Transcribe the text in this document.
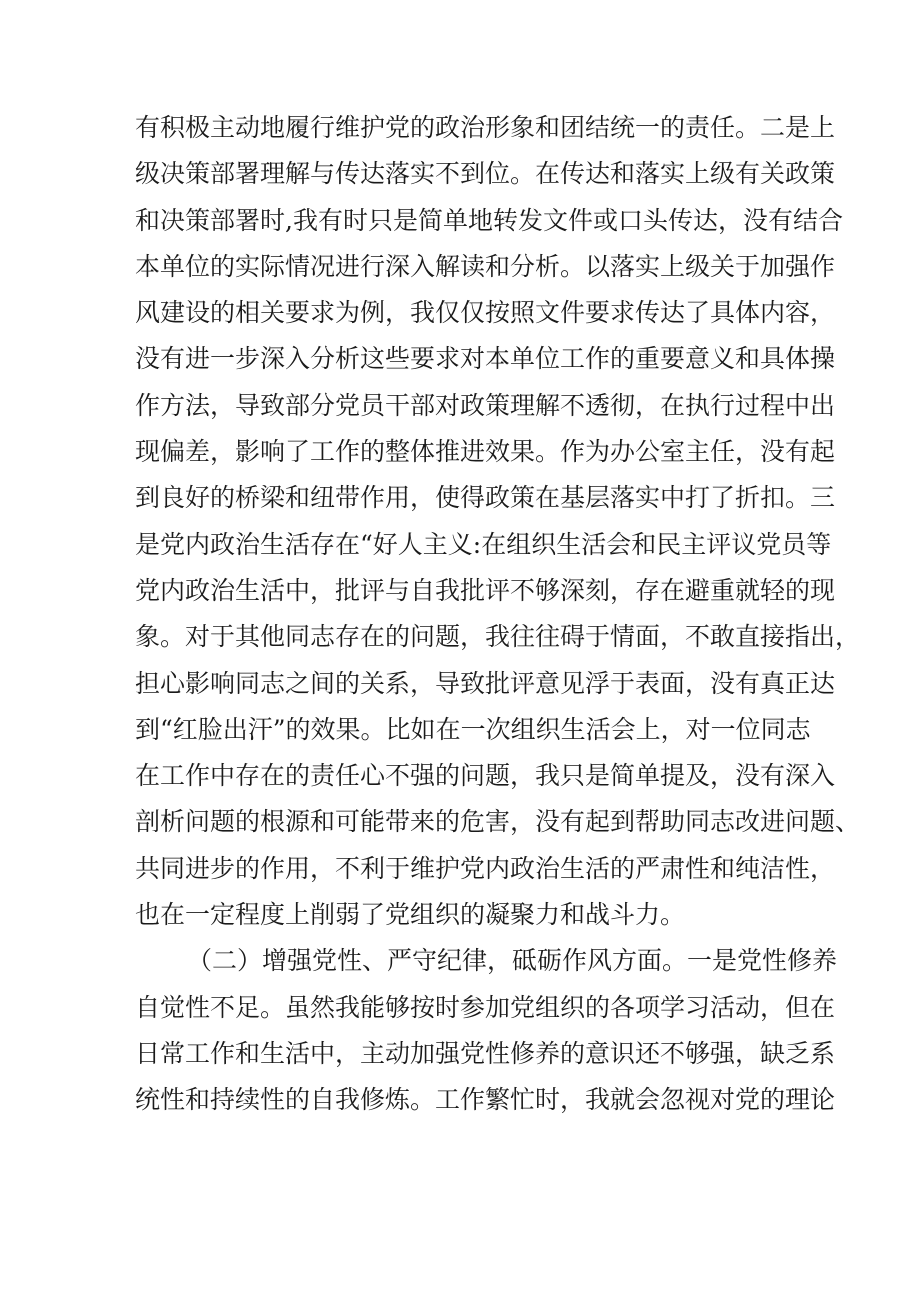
有积极主动地履行维护党的政治形象和团结统一的责任。二是上
级决策部署理解与传达落实不到位。在传达和落实上级有关政策
和决策部署时,我有时只是简单地转发文件或口头传达，没有结合
本单位的实际情况进行深入解读和分析。以落实上级关于加强作
风建设的相关要求为例，我仅仅按照文件要求传达了具体内容，
没有进一步深入分析这些要求对本单位工作的重要意义和具体操
作方法，导致部分党员干部对政策理解不透彻，在执行过程中出
现偏差，影响了工作的整体推进效果。作为办公室主任，没有起
到良好的桥梁和纽带作用，使得政策在基层落实中打了折扣。三
是党内政治生活存在“好人主义:在组织生活会和民主评议党员等
党内政治生活中，批评与自我批评不够深刻，存在避重就轻的现
象。对于其他同志存在的问题，我往往碍于情面，不敢直接指出，
担心影响同志之间的关系，导致批评意见浮于表面，没有真正达
到“红脸出汗”的效果。比如在一次组织生活会上，对一位同志
在工作中存在的责任心不强的问题，我只是简单提及，没有深入
剖析问题的根源和可能带来的危害，没有起到帮助同志改进问题、
共同进步的作用，不利于维护党内政治生活的严肃性和纯洁性，
也在一定程度上削弱了党组织的凝聚力和战斗力。
（二）增强党性、严守纪律，砥砺作风方面。一是党性修养
自觉性不足。虽然我能够按时参加党组织的各项学习活动，但在
日常工作和生活中，主动加强党性修养的意识还不够强，缺乏系
统性和持续性的自我修炼。工作繁忙时，我就会忽视对党的理论
